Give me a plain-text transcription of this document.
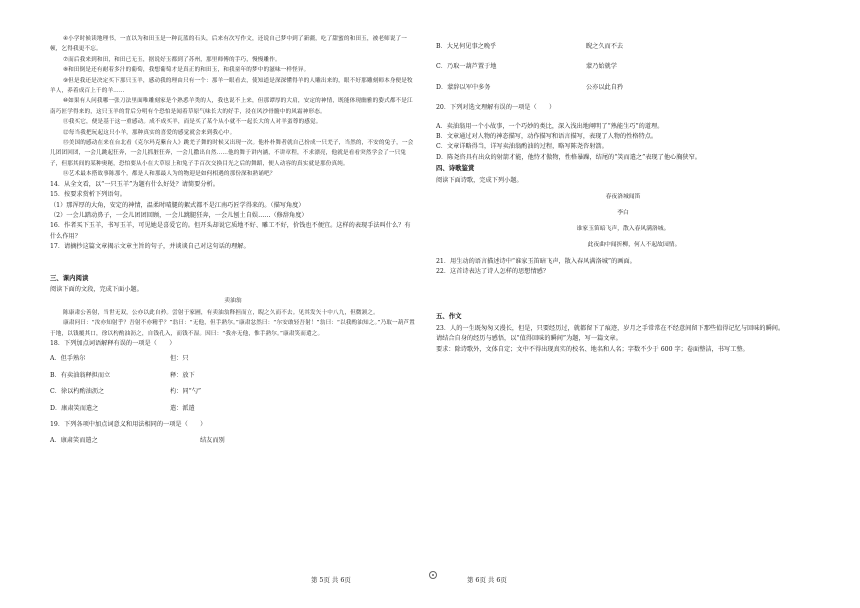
④小学时候读地理书，一直以为和田玉是一种瓦蓝的石头，后来有次写作文，还说自己梦中到了新疆，吃了甜蜜的和田玉，被老师说了一顿，乞得我更不忘。

⑦而后我来到和田，和田已无玉，据说好玉都到了苏州，那里师傅的手巧，慢慢雕作。

⑧和田倒是还有耐着多汁的葡萄，我想葡萄才是真正的和田玉，和我童年的梦中的滋味一样怪异。

⑨但是我还是决定买下那只玉羊，感动我的理由只有一个：那羊一眼看去，使知道是深深懂得羊的人雕出来的，眼不好那雕刻师本身便是牧羊人，养着成百上千的羊……

⑩如果有人问我哪一张刀法里面唯雕刻家是个熟悉羊类的人，我也说不上来，但那谭厚的大肩，安定的神情，既能体现幽雅的姿式都不是江南巧匠学得来的，这只玉羊的背后分明有个恐怕是闻着草原气味长大的好手，浸在风沙骨髓中的风霜神形态。

⑪我买它，便是基于这一重感动。成不成买羊，而是买了某个从小就不一起长大的人对羊蛮尊的感觉。

⑫每当我把玩起这只小羊，那种真实的喜爱的感觉就会来到我心中。

⑬美国的感动在来在台北看《克尔玛克紫台人》跳羌子舞的时候又出现一次。他朴朴舞者就自己扮成一只羌子，当然的，不安的兔子，一会儿团团回团，一会儿跳起狂奔，一会儿抓脏狂奔，一会儿撒出自然……他的舞于讲内涵，不讲章程，不求漂亮，他就是看看突然学会了一只兔子，但那其间的某种奥秘，恐怕要从小在大草原上和兔子手百次交换目光之后的舞蹈，便人动容的真实就是那份真纯。

⑭艺术最本搭故事陈那个，都是人和那最人为的物迎是如何相遇的那份深和熟诵吧？

14．从全文看，以“一只玉羊”为题有什么好处？请简要分析。

15．按要求赏析下列语句。

（1）那浑厚的大角，安定的神情，温柔时晴腿的絮式都不是江南巧匠学得来的。（描写角度）

（2）一会儿踏动鼻子，一会儿团团回顾，一会儿跳腿狂奔，一会儿刨土自娱……（修辞角度）

16．作者买下玉羊，书写玉羊，可见她是喜爱它的。但开头却说它质地不好、雕工不好，价钱也不便宜。这样的表现手法叫什么？有什么作用？

17．请摘抄这篇文章揭示文章主旨的句子，并谈谈自己对这句话的理解。

三、课内阅读

阅读下面的文段，完成下面小题。

卖油翁

陈康肃公善射，当世无双，公亦以此自矜。尝射于家圃，有卖油翁释担而立，睨之久而不去。见其发矢十中八九，但微颔之。

康肃问曰：“汝亦知射乎？吾射不亦精乎？”翁曰：“无他，但手熟尔。”康肃忿然曰：“尔安敢轻吾射！”翁曰：“以我酌油知之。”乃取一葫芦置于地，以钱覆其口，徐以杓酌油沥之，自钱孔入，而钱不湿。因曰：“我亦无他，惟手熟尔。”康肃笑而遣之。

18．下列加点词语解释有误的一项是（　　）

A．但手熟尔	但：只
B．有卖油翁释担而立	释：放下
C．徐以杓酌油沥之	杓：同“勺”
D．康肃笑而遣之	遣：派遣

19．下列各项中加点词意义和用法相同的一项是（　　）

A．康肃笑而遣之	结友而别
B．大兄何见事之晚乎	睨之久而不去
C．乃取一葫芦置于地	蒙乃始就学
D．蒙辞以军中多务	公亦以此自矜

20．下列对选文理解有误的一项是（　　）

A．卖油翁用一个小故事，一个巧妙的类比，深入浅出地阐明了“熟能生巧”的道理。

B．文章通过对人物的神态描写，动作描写和语言描写，表现了人物的性格特点。

C．文章详略得当，详写卖油翁酌油的过程，略写陈尧咨射箭。

D．陈尧咨具有出众的射箭才能，他恃才傲物，性格暴躁，结尾的“笑而遣之”表现了他心胸狭窄。

四、诗歌鉴赏

阅读下面诗歌，完成下列小题。

春夜洛城闻笛

李白

谁家玉笛暗飞声，散入春风满洛城。

此夜曲中闻折柳，何人不起故园情。

21．用生动的语言描述诗中“谁家玉笛暗飞声，散入春风满洛城”的画面。

22．这首诗表达了诗人怎样的思想情感？

五、作文

23．人的一生既匆匆又漫长，但是，只要经历过，就都留下了痕迹，岁月之手常常在不经意间留下那些值得记忆与回味的瞬间。

请结合自身的经历与感悟，以“值得回味的瞬间”为题，写一篇文章。

要求：除诗歌外，文体自定；文中不得出现真实的校名、地名和人名；字数不少于 600 字；卷面整洁，书写工整。

第 5页 共 6页	第 6页 共 6页
